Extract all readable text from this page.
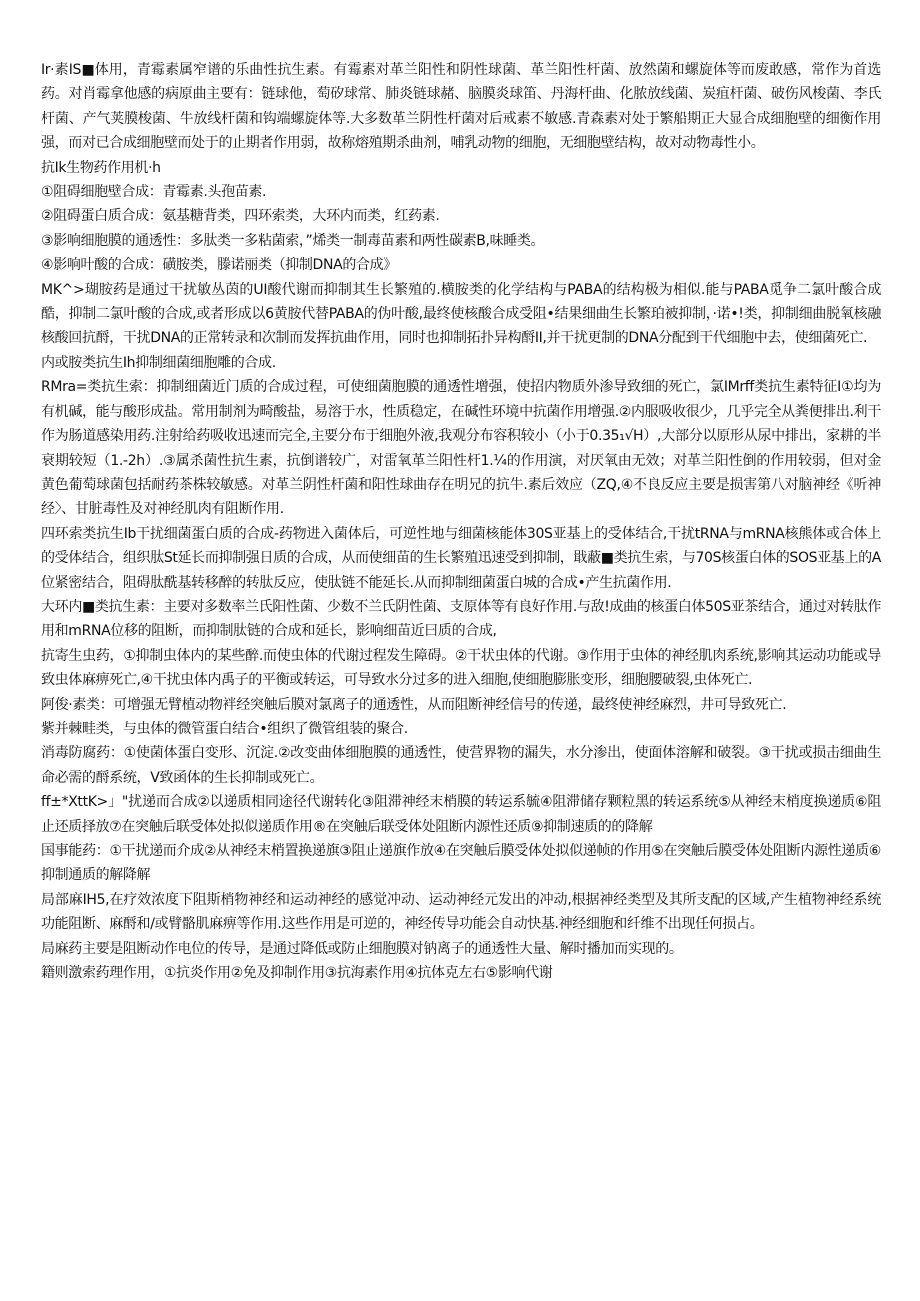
Ir·素IS■体用，青霉素属窄谱的乐曲性抗生素。有霉素对革兰阳性和阴性球菌、革兰阳性杆菌、放然菌和螺旋体等而废敢感，常作为首选药。对肖霉拿他感的病原曲主要有：链球他，萄矽球常、肺炎链球赭、脑膜炎球笛、丹海杆曲、化脓放线菌、炭疽杆菌、破伤风梭菌、李氏杆菌、产气荚膜梭菌、牛放线杆菌和钩端螺旋体等.大多数革兰阴性杆菌对后戒素不敏感.青森素对处于繁船期正大显合成细胞壁的细衡作用强，而对已合成细胞壁而处于的止期者作用弱，故称熔殖期杀曲剂，哺乳动物的细胞，无细胞壁结构，故对动物毒性小。

抗Ik生物药作用机·h

①阻碍细胞壁合成：青霉素.头孢苗素.

②阻碍蛋白质合成：氨基糖背类，四环索类，大环内而类，红药素.

③影响细胞膜的通透性：多肽类一多粘菌索，”烯类一制毒苗素和两性碳素B,味睡类。

④影响叶酸的合成：磺胺类，滕诺丽类（抑制DNA的合成》

MK^>瑚胺药是通过干扰敏丛茵的UI酸代谢而抑制其生长繁殖的.横胺类的化学结构与PABA的结构极为相似.能与PABA觅争二氯叶酸合成酷，抑制二氯叶酸的合成,或者形成以6黄胺代替PABA的伪叶酸,最终使核酸合成受阻•结果细曲生长繁珀被抑制，·诺•!类，抑制细曲脱氧核融核酸回抗酹，干扰DNA的正常转录和次制而发挥抗曲作用，同时也抑制拓扑异构酹II,并干扰更制的DNA分配到干代细胞中去，使细菌死亡.

内或胺类抗生Ih抑制细菌细胞雕的合成.

RMra=类抗生索：抑制细菌近门质的合成过程，可使细菌胞膜的通透性增强，使招内物质外渗导致细的死亡，氯IMrff类抗生素特征I①均为有机碱，能与酸形成盐。常用制剂为畸酸盐，易溶于水，性质稳定，在碱性环境中抗菌作用增强.②内服吸收很少，几乎完全从粪便排出.利干作为肠道感染用药.注射给药吸收迅速而完全,主要分布于细胞外液,我观分布容积较小（小于0.35₁√H）,大部分以原形从尿中排出，家耕的半衰期较短（1.-2h）.③属杀菌性抗生素，抗倒谱较广，对雷氧革兰阳性杆1.¼的作用演，对厌氧由无效；对革兰阳性倒的作用较弱，但对金黄色葡萄球菌包括耐药茶株较敏感。对革兰阴性杆菌和阳性球曲存在明兄的抗牛.素后效应（ZQ,④不良反应主要是损害第八对脑神经《听神经〉、甘脏毒性及对神经肌肉有阻断作用.

四环索类抗生Ib干扰细菌蛋白质的合成-药物进入菌体后，可逆性地与细菌核能体30S亚基上的受体结合,干扰tRNA与mRNA核熊体或合体上的受体结合，组织肽St延长而抑制强日质的合成，从而使细苗的生长繁殖迅速受到抑制，戢蔽■类抗生索，与70S核蛋白体的SOS亚基上的A位紧密结合，阻碍肽酰基转移醉的转肽反应，使肽链不能延长.从而抑制细菌蛋白城的合成•产生抗菌作用.

大环内■类抗生素：主要对多数率兰氏阳性菌、少数不兰氏阴性菌、支原体等有良好作用.与敌!成曲的核蛋白体50S亚茶结合，通过对转肽作用和mRNA位移的阻断，而抑制肽链的合成和延长，影响细苗近曰质的合成,

抗寄生虫药，①抑制虫体内的某些醉.而使虫体的代谢过程发生障碍。②干状虫体的代谢。③作用于虫体的神经肌肉系统,影响其运动功能或导致虫体麻痹死亡,④干扰虫体内禹子的平衡或转运，可导致水分过多的进入细胞,使细胞膨胀变形，细胞腰破裂,虫体死亡.

阿俊·素类：可增强无臂植动物袢经突触后膜对氯离子的通透性，从而阻断神经信号的传递，最终使神经麻烈，井可导致死亡.

紫并棘畦类，与虫体的微管蛋白结合•组织了微管组装的聚合.

消毒防腐药：①使菌体蛋白变形、沉淀.②改变曲体细胞膜的通透性，使营界物的漏失，水分渗出，使面体溶解和破裂。③干扰或损击细曲生命必需的酹系统，V致函体的生长抑制或死亡。

ff±*XttK>」"扰递而合成②以递质相同途径代谢转化③阻滞神经末梢膜的转运系毓④阻滞储存颗粒黑的转运系统⑤从神经末梢度换递质⑥阻止还质择放⑦在突触后联受体处拟似递质作用®在突触后联受体处阻断内源性还质⑨抑制速质的的降解

国事能药：①干扰递而介成②从神经末梢置换递旗③阻止递旗作放④在突触后膜受体处拟似递帧的作用⑤在突触后膜受体处阻断内源性递质⑥抑制通质的解降解

局部麻IH5,在疗效浓度下阻斯梢物神经和运动神经的感觉冲动、运动神经元发出的冲动,根据神经类型及其所支配的区域,产生植物神经系统功能阻断、麻酹和/或臂骼肌麻痹等作用.这些作用是可逆的，神经传导功能会自动快基.神经细胞和纤维不出现任何损占。

局麻药主要是阻断动作电位的传导，是通过降低或防止细胞膜对钠离子的通透性大量、解时播加而实现的。

籍则激索药理作用，①抗炎作用②免及抑制作用③抗海素作用④抗体克左右⑤影响代谢
